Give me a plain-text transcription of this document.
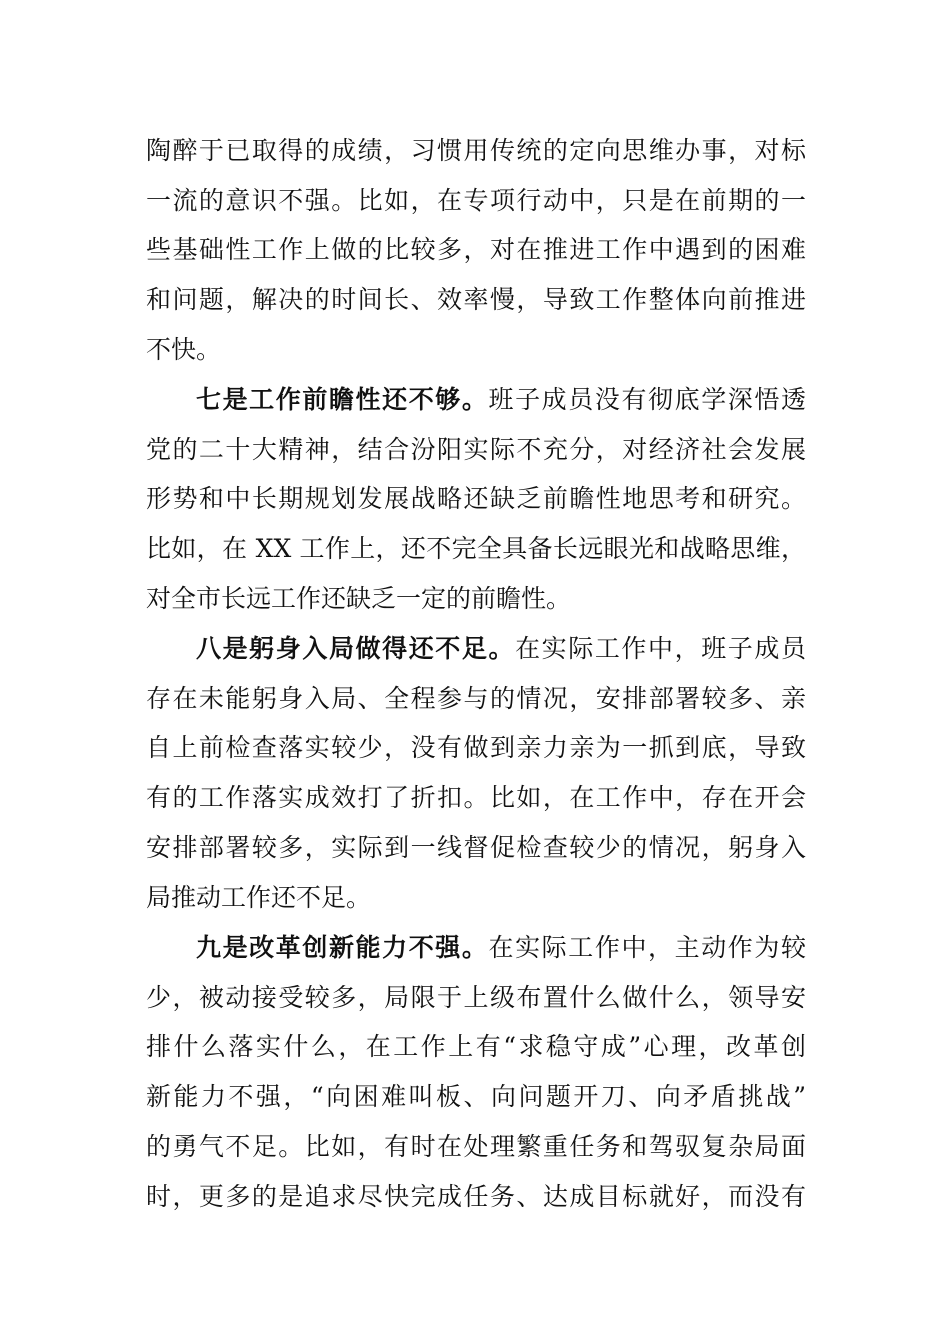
陶醉于已取得的成绩，习惯用传统的定向思维办事，对标
一流的意识不强。比如，在专项行动中，只是在前期的一
些基础性工作上做的比较多，对在推进工作中遇到的困难
和问题，解决的时间长、效率慢，导致工作整体向前推进
不快。
七是工作前瞻性还不够。班子成员没有彻底学深悟透
党的二十大精神，结合汾阳实际不充分，对经济社会发展
形势和中长期规划发展战略还缺乏前瞻性地思考和研究。
比如，在 XX 工作上，还不完全具备长远眼光和战略思维，
对全市长远工作还缺乏一定的前瞻性。
八是躬身入局做得还不足。在实际工作中，班子成员
存在未能躬身入局、全程参与的情况，安排部署较多、亲
自上前检查落实较少，没有做到亲力亲为一抓到底，导致
有的工作落实成效打了折扣。比如，在工作中，存在开会
安排部署较多，实际到一线督促检查较少的情况，躬身入
局推动工作还不足。
九是改革创新能力不强。在实际工作中，主动作为较
少，被动接受较多，局限于上级布置什么做什么，领导安
排什么落实什么，在工作上有“求稳守成”心理，改革创
新能力不强，“向困难叫板、向问题开刀、向矛盾挑战”
的勇气不足。比如，有时在处理繁重任务和驾驭复杂局面
时，更多的是追求尽快完成任务、达成目标就好，而没有
